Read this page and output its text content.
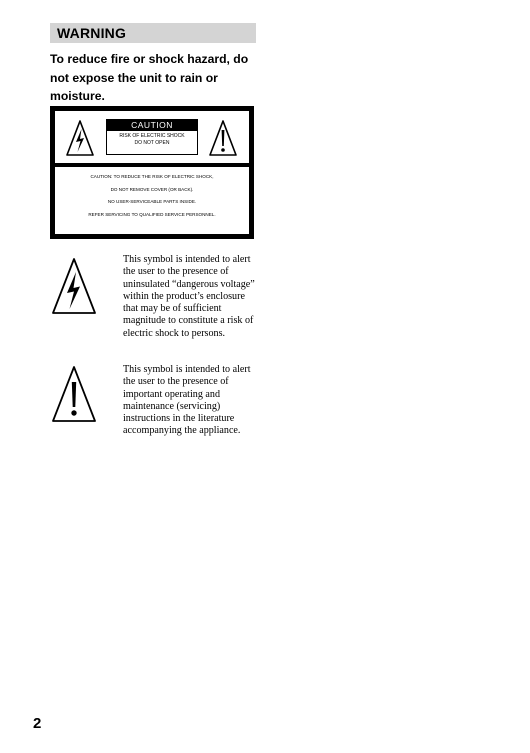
WARNING
To reduce fire or shock hazard, do not expose the unit to rain or moisture.
CAUTION
RISK OF ELECTRIC SHOCK
DO NOT OPEN
CAUTION: TO REDUCE THE RISK OF ELECTRIC SHOCK,
DO NOT REMOVE COVER (OR BACK).
NO USER-SERVICEABLE PARTS INSIDE.
REFER SERVICING TO QUALIFIED SERVICE PERSONNEL.
This symbol is intended to alert the user to the presence of uninsulated “dangerous voltage” within the product’s enclosure that may be of sufficient magnitude to constitute a risk of electric shock to persons.
This symbol is intended to alert the user to the presence of important operating and maintenance (servicing) instructions in the literature accompanying the appliance.
2
